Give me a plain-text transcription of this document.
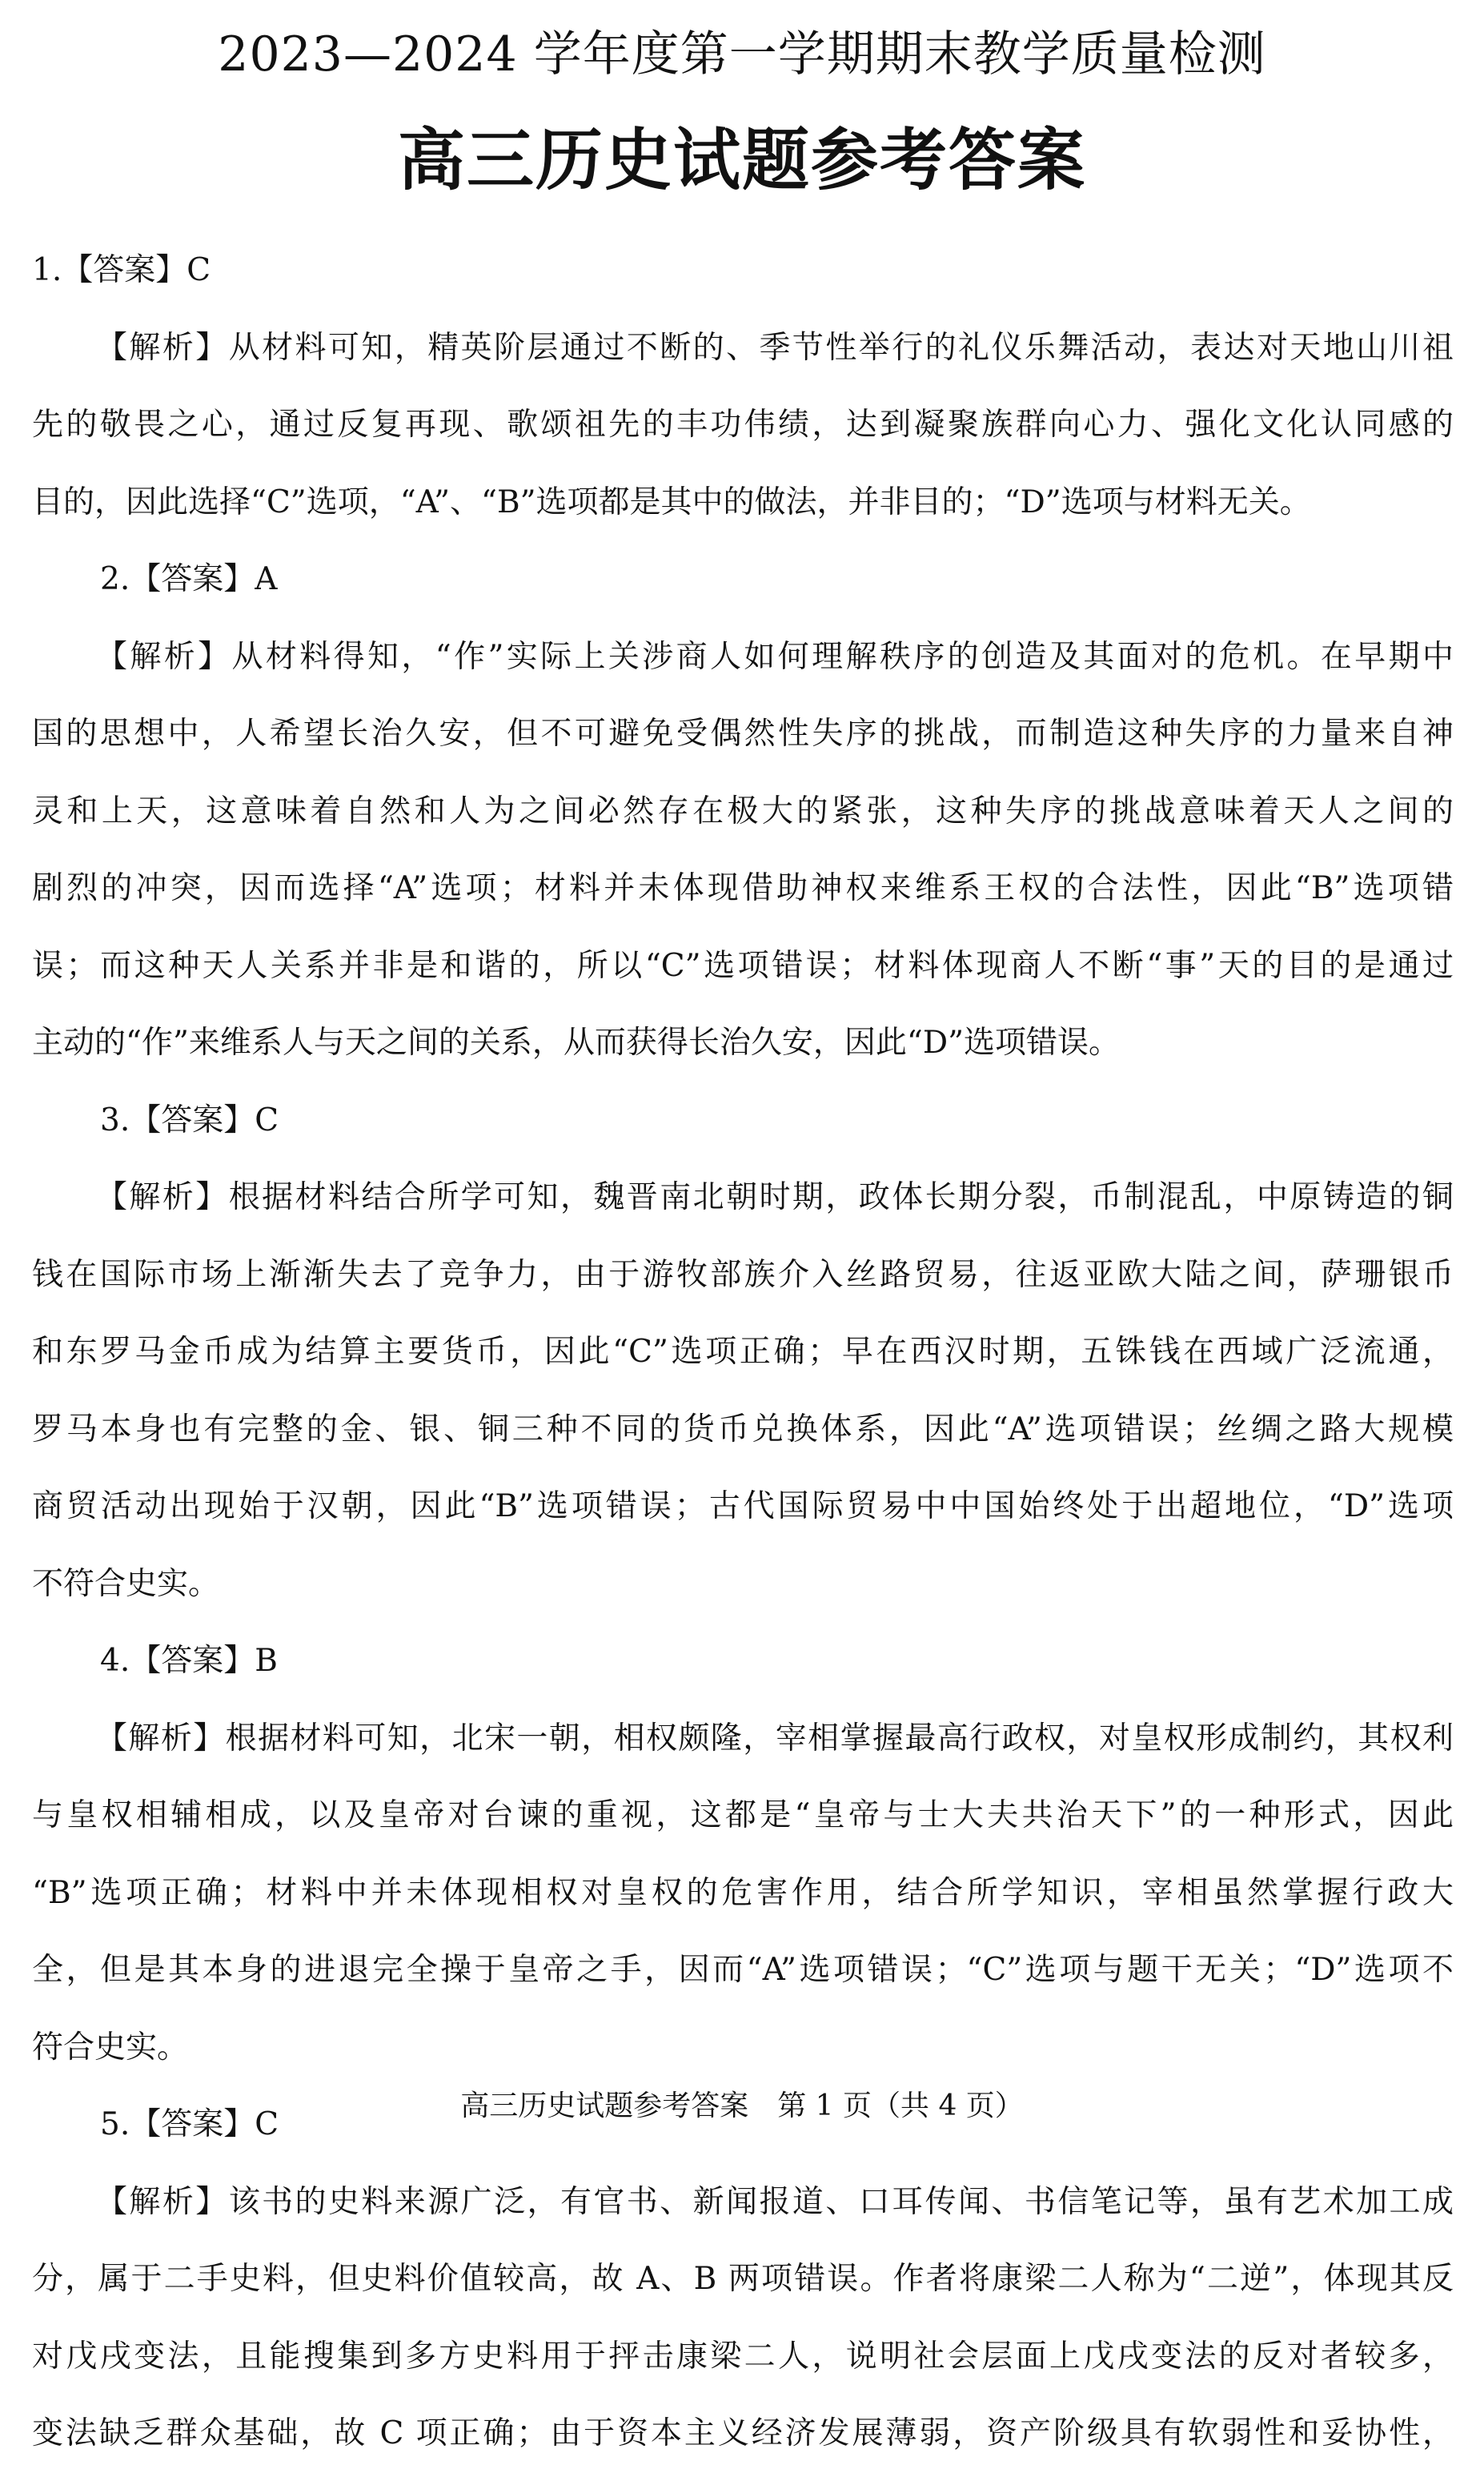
2023—2024 学年度第一学期期末教学质量检测
高三历史试题参考答案
1.【答案】C
【解析】从材料可知，精英阶层通过不断的、季节性举行的礼仪乐舞活动，表达对天地山川祖
先的敬畏之心，通过反复再现、歌颂祖先的丰功伟绩，达到凝聚族群向心力、强化文化认同感的
目的，因此选择“C”选项，“A”、“B”选项都是其中的做法，并非目的；“D”选项与材料无关。
2.【答案】A
【解析】从材料得知，“作”实际上关涉商人如何理解秩序的创造及其面对的危机。在早期中
国的思想中，人希望长治久安，但不可避免受偶然性失序的挑战，而制造这种失序的力量来自神
灵和上天，这意味着自然和人为之间必然存在极大的紧张，这种失序的挑战意味着天人之间的
剧烈的冲突，因而选择“A”选项；材料并未体现借助神权来维系王权的合法性，因此“B”选项错
误；而这种天人关系并非是和谐的，所以“C”选项错误；材料体现商人不断“事”天的目的是通过
主动的“作”来维系人与天之间的关系，从而获得长治久安，因此“D”选项错误。
3.【答案】C
【解析】根据材料结合所学可知，魏晋南北朝时期，政体长期分裂，币制混乱，中原铸造的铜
钱在国际市场上渐渐失去了竞争力，由于游牧部族介入丝路贸易，往返亚欧大陆之间，萨珊银币
和东罗马金币成为结算主要货币，因此“C”选项正确；早在西汉时期，五铢钱在西域广泛流通，
罗马本身也有完整的金、银、铜三种不同的货币兑换体系，因此“A”选项错误；丝绸之路大规模
商贸活动出现始于汉朝，因此“B”选项错误；古代国际贸易中中国始终处于出超地位，“D”选项
不符合史实。
4.【答案】B
【解析】根据材料可知，北宋一朝，相权颇隆，宰相掌握最高行政权，对皇权形成制约，其权利
与皇权相辅相成，以及皇帝对台谏的重视，这都是“皇帝与士大夫共治天下”的一种形式，因此
“B”选项正确；材料中并未体现相权对皇权的危害作用，结合所学知识，宰相虽然掌握行政大
全，但是其本身的进退完全操于皇帝之手，因而“A”选项错误；“C”选项与题干无关；“D”选项不
符合史实。
5.【答案】C
【解析】该书的史料来源广泛，有官书、新闻报道、口耳传闻、书信笔记等，虽有艺术加工成
分，属于二手史料，但史料价值较高，故 A、B 两项错误。作者将康梁二人称为“二逆”，体现其反
对戊戌变法，且能搜集到多方史料用于抨击康梁二人，说明社会层面上戊戌变法的反对者较多，
变法缺乏群众基础，故 C 项正确；由于资本主义经济发展薄弱，资产阶级具有软弱性和妥协性，
高三历史试题参考答案　第 1 页（共 4 页）
